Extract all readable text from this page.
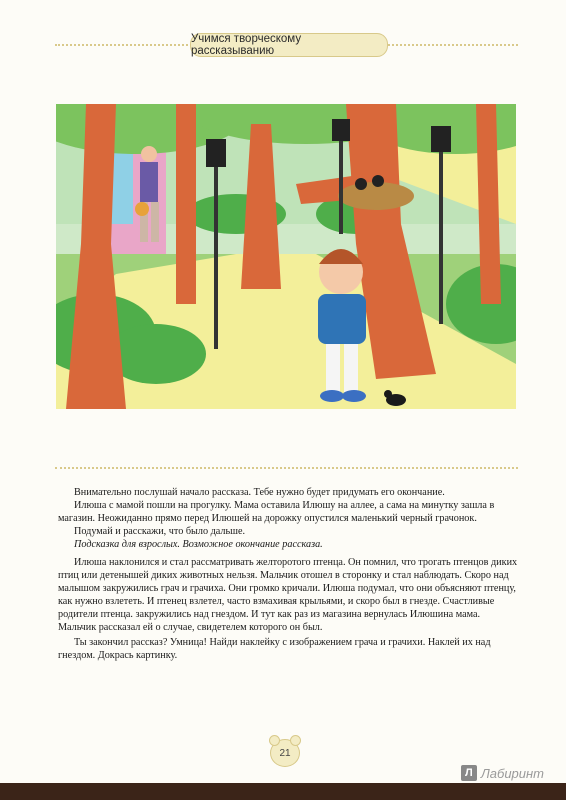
Учимся творческому рассказыванию

Внимательно послушай начало рассказа. Тебе нужно будет придумать его окончание.

Илюша с мамой пошли на прогулку. Мама оставила Илюшу на аллее, а сама на минутку зашла в магазин. Неожиданно прямо перед Илюшей на дорожку опустился маленький черный грачонок.

Подумай и расскажи, что было дальше.

Подсказка для взрослых. Возможное окончание рассказа.

Илюша наклонился и стал рассматривать желторотого птенца. Он помнил, что трогать птенцов диких птиц или детенышей диких животных нельзя. Мальчик отошел в сторонку и стал наблюдать. Скоро над малышом закружились грач и грачиха. Они громко кричали. Илюша подумал, что они объясняют птенцу, как нужно взлететь. И птенец взлетел, часто взмахивая крыльями, и скоро был в гнезде. Счастливые родители птенца. закружились над гнездом. И тут как раз из магазина вернулась Илюшина мама. Мальчик рассказал ей о случае, свидетелем которого он был.

Ты закончил рассказ? Умница! Найди наклейку с изображением грача и грачихи. Наклей их над гнездом. Докрась картинку.

21
Л Лабиринт
